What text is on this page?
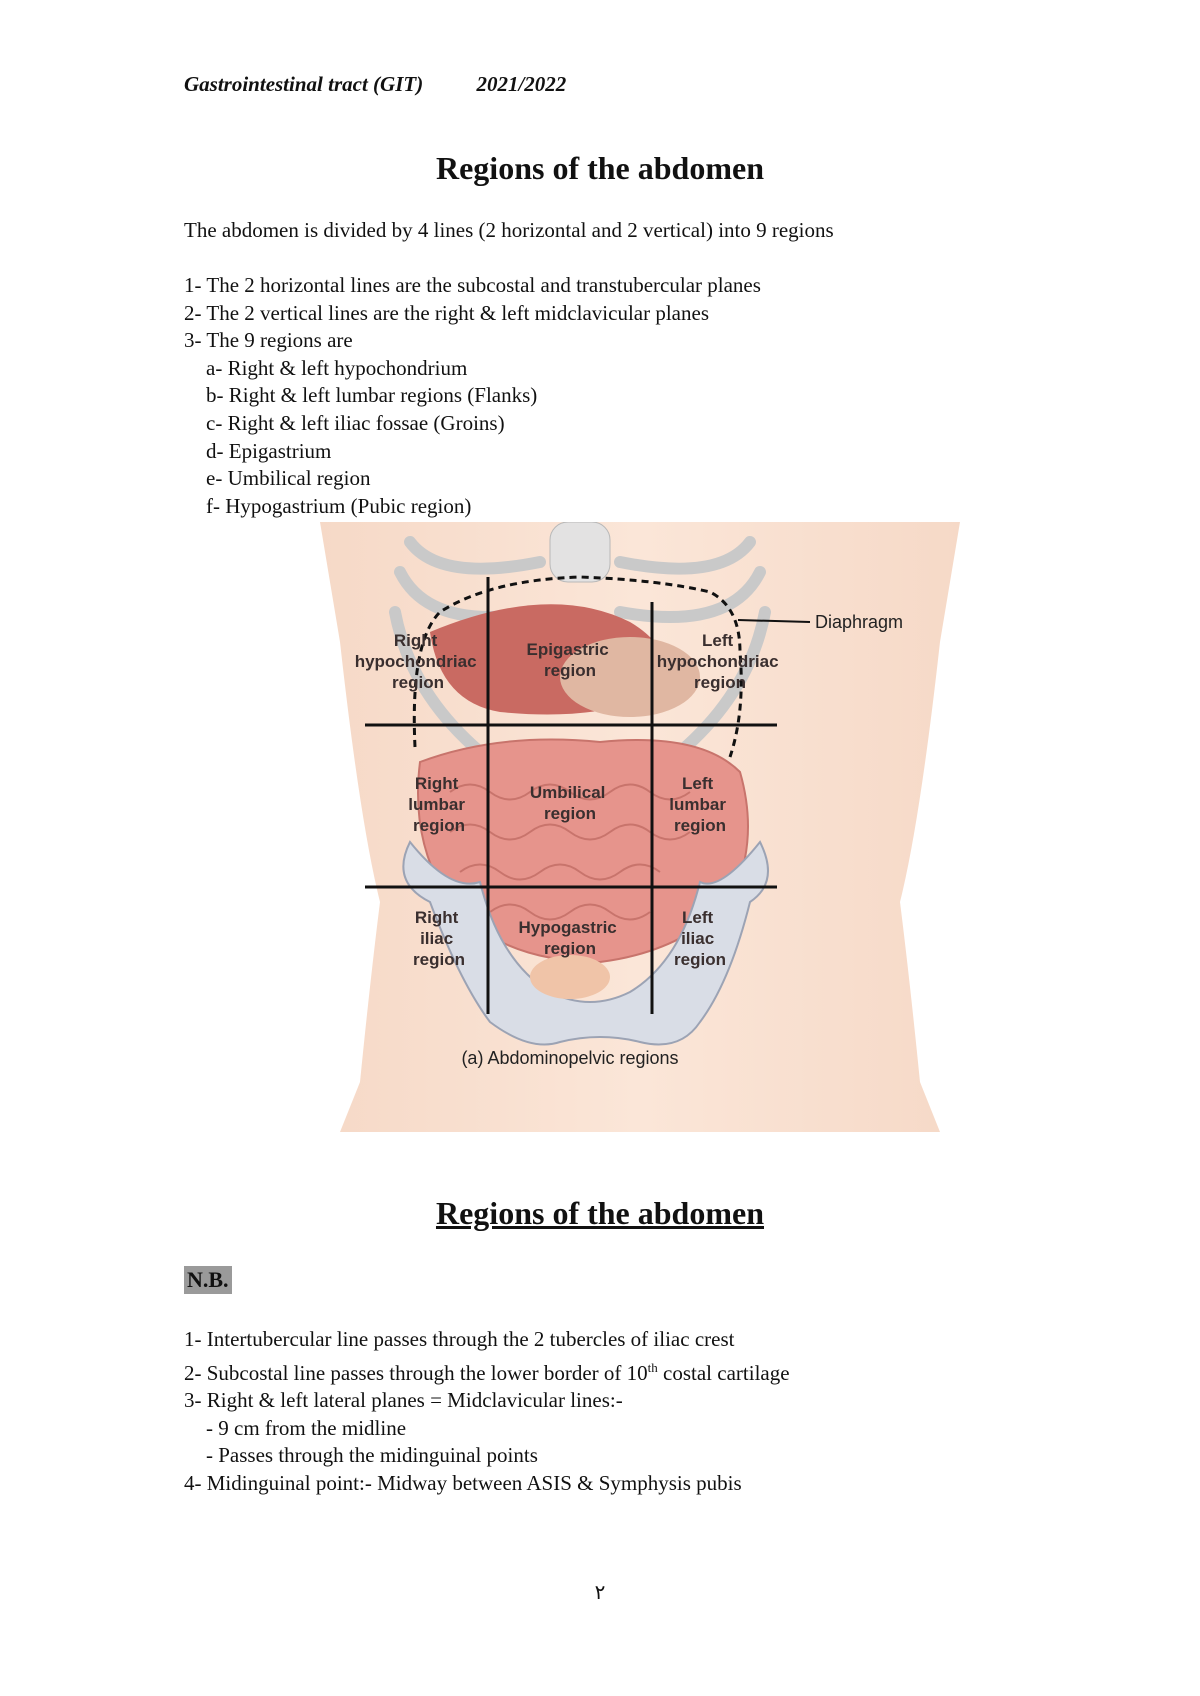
Gastrointestinal tract (GIT)	2021/2022
Regions of the abdomen
The abdomen is divided by 4 lines (2 horizontal and 2 vertical) into 9 regions
1- The 2 horizontal lines are the subcostal and transtubercular planes
2- The 2 vertical lines are the right & left midclavicular planes
3- The 9 regions are
a- Right & left hypochondrium
b- Right & left lumbar regions (Flanks)
c- Right & left iliac fossae (Groins)
d- Epigastrium
e- Umbilical region
f- Hypogastrium (Pubic region)
Diaphragm
Right hypochondriac region
Epigastric region
Left hypochondriac region
Right lumbar region
Umbilical region
Left lumbar region
Right iliac region
Hypogastric region
Left iliac region
(a) Abdominopelvic regions
Regions of the abdomen
N.B.
1- Intertubercular line passes through the 2 tubercles of iliac crest
2- Subcostal line passes through the lower border of 10th costal cartilage
3- Right & left lateral planes = Midclavicular lines:-
- 9 cm from the midline
- Passes through the midinguinal points
4- Midinguinal point:- Midway between ASIS & Symphysis pubis
٢
